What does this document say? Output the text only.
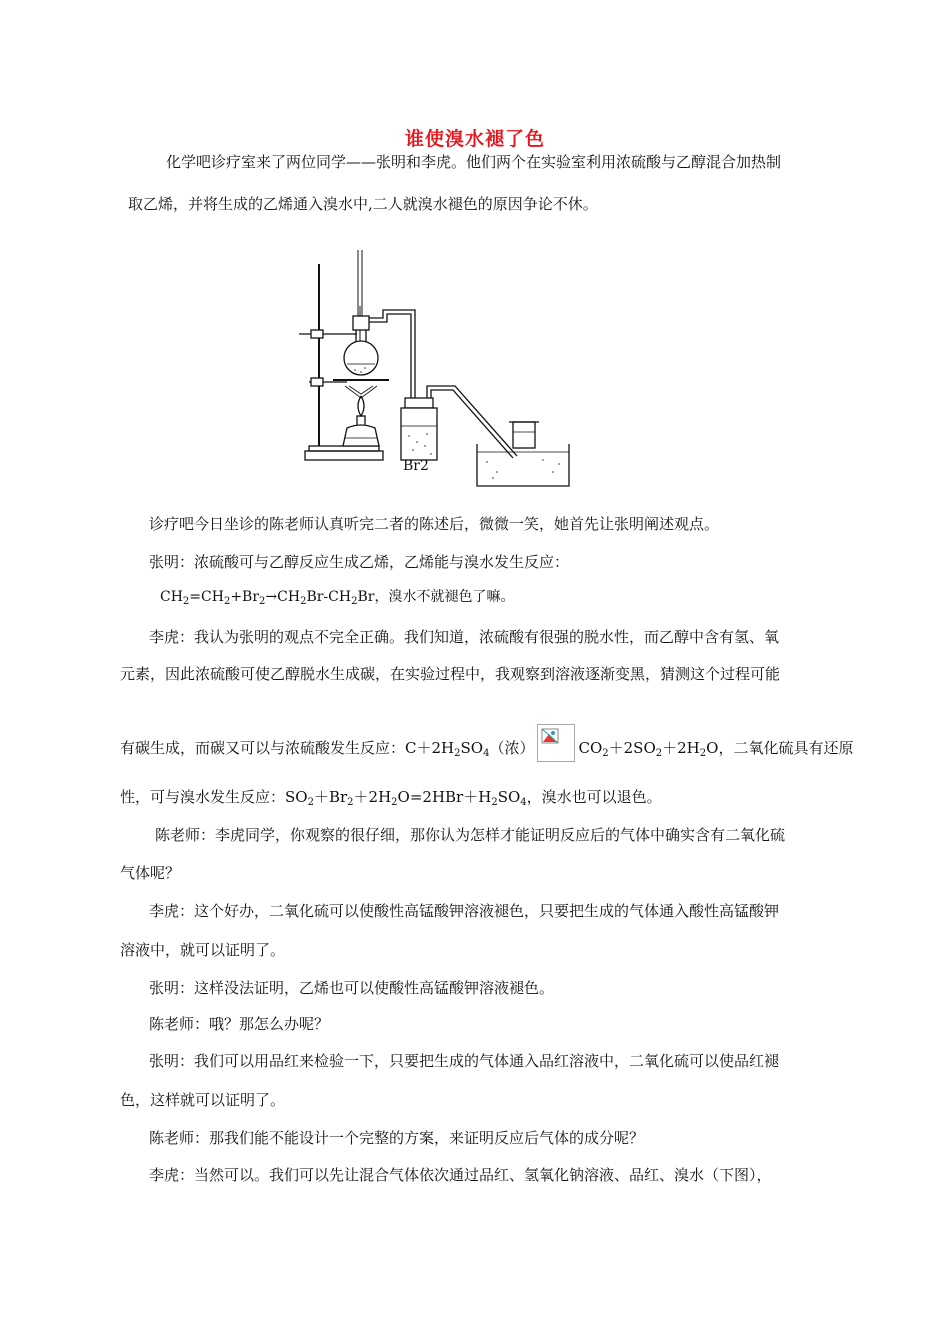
谁使溴水褪了色
化学吧诊疗室来了两位同学——张明和李虎。他们两个在实验室利用浓硫酸与乙醇混合加热制
取乙烯，并将生成的乙烯通入溴水中,二人就溴水褪色的原因争论不休。
Br2
诊疗吧今日坐诊的陈老师认真听完二者的陈述后，微微一笑，她首先让张明阐述观点。
张明：浓硫酸可与乙醇反应生成乙烯，乙烯能与溴水发生反应：
$CH_2=CH_2+Br_2\to CH_2Br-CH_2Br$，溴水不就褪色了嘛。
李虎：我认为张明的观点不完全正确。我们知道，浓硫酸有很强的脱水性，而乙醇中含有氢、氧
元素，因此浓硫酸可使乙醇脱水生成碳，在实验过程中，我观察到溶液逐渐变黑，猜测这个过程可能
有碳生成，而碳又可以与浓硫酸发生反应：$C+2H_2SO_4$（浓）	$CO_2+2SO_2+2H_2O$，二氧化硫具有还原
性，可与溴水发生反应：$SO_2+Br_2+2H_2O=2HBr+H_2SO_4$，溴水也可以退色。
陈老师：李虎同学，你观察的很仔细，那你认为怎样才能证明反应后的气体中确实含有二氧化硫
气体呢？
李虎：这个好办，二氧化硫可以使酸性高锰酸钾溶液褪色，只要把生成的气体通入酸性高锰酸钾
溶液中，就可以证明了。
张明：这样没法证明，乙烯也可以使酸性高锰酸钾溶液褪色。
陈老师：哦？那怎么办呢？
张明：我们可以用品红来检验一下，只要把生成的气体通入品红溶液中，二氧化硫可以使品红褪
色，这样就可以证明了。
陈老师：那我们能不能设计一个完整的方案，来证明反应后气体的成分呢？
李虎：当然可以。我们可以先让混合气体依次通过品红、氢氧化钠溶液、品红、溴水（下图），
